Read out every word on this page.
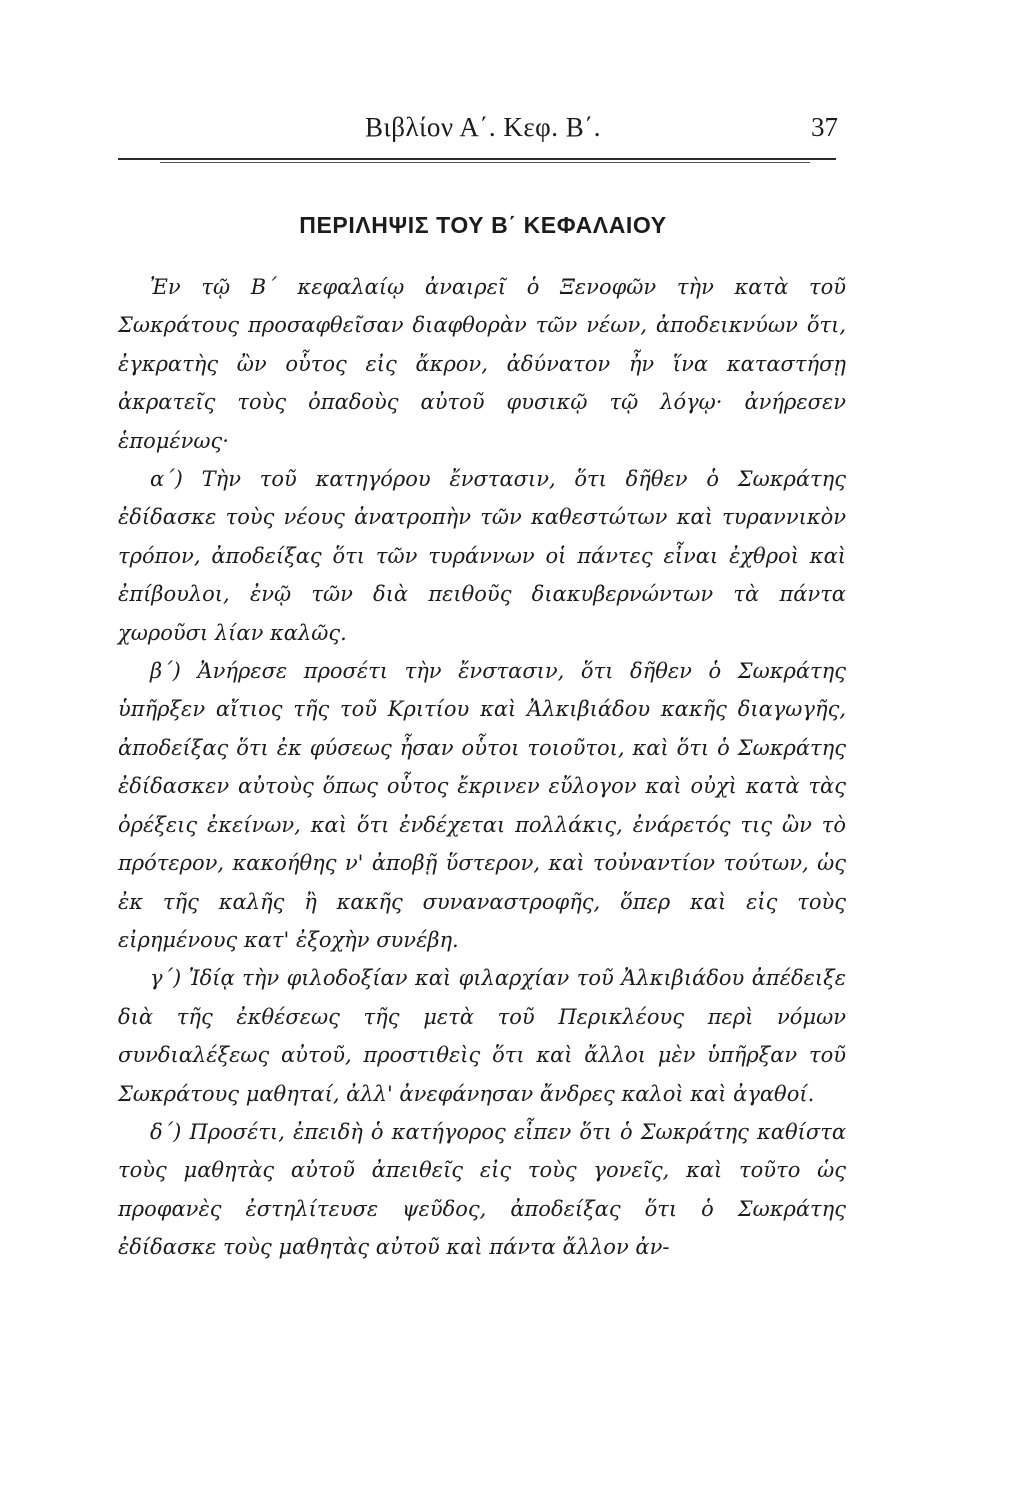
Βιβλίον Α΄. Κεφ. Β΄.	37
ΠΕΡΙΛΗΨΙΣ ΤΟΥ Β΄ ΚΕΦΑΛΑΙΟΥ

Ἐν τῷ Β΄ κεφαλαίῳ ἀναιρεῖ ὁ Ξενοφῶν τὴν κατὰ τοῦ Σωκράτους προσαφθεῖσαν διαφθορὰν τῶν νέων, ἀποδεικνύων ὅτι, ἐγκρατὴς ὢν οὗτος εἰς ἄκρον, ἀδύνατον ἦν ἵνα καταστήσῃ ἀκρατεῖς τοὺς ὀπαδοὺς αὐτοῦ φυσικῷ τῷ λόγῳ· ἀνήρεσεν ἑπομένως·

α΄) Τὴν τοῦ κατηγόρου ἔνστασιν, ὅτι δῆθεν ὁ Σωκράτης ἐδίδασκε τοὺς νέους ἀνατροπὴν τῶν καθεστώτων καὶ τυραννικὸν τρόπον, ἀποδείξας ὅτι τῶν τυράννων οἱ πάντες εἶναι ἐχθροὶ καὶ ἐπίβουλοι, ἐνῷ τῶν διὰ πειθοῦς διακυβερνώντων τὰ πάντα χωροῦσι λίαν καλῶς.

β΄) Ἀνήρεσε προσέτι τὴν ἔνστασιν, ὅτι δῆθεν ὁ Σωκράτης ὑπῆρξεν αἴτιος τῆς τοῦ Κριτίου καὶ Ἀλκιβιάδου κακῆς διαγωγῆς, ἀποδείξας ὅτι ἐκ φύσεως ἦσαν οὗτοι τοιοῦτοι, καὶ ὅτι ὁ Σωκράτης ἐδίδασκεν αὐτοὺς ὅπως οὗτος ἔκρινεν εὔλογον καὶ οὐχὶ κατὰ τὰς ὀρέξεις ἐκείνων, καὶ ὅτι ἐνδέχεται πολλάκις, ἐνάρετός τις ὢν τὸ πρότερον, κακοήθης ν' ἀποβῇ ὕστερον, καὶ τοὐναντίον τούτων, ὡς ἐκ τῆς καλῆς ἢ κακῆς συναναστροφῆς, ὅπερ καὶ εἰς τοὺς εἰρημένους κατ' ἐξοχὴν συνέβη.

γ΄) Ἰδίᾳ τὴν φιλοδοξίαν καὶ φιλαρχίαν τοῦ Ἀλκιβιάδου ἀπέδειξε διὰ τῆς ἐκθέσεως τῆς μετὰ τοῦ Περικλέους περὶ νόμων συνδιαλέξεως αὐτοῦ, προστιθεὶς ὅτι καὶ ἄλλοι μὲν ὑπῆρξαν τοῦ Σωκράτους μαθηταί, ἀλλ' ἀνεφάνησαν ἄνδρες καλοὶ καὶ ἀγαθοί.

δ΄) Προσέτι, ἐπειδὴ ὁ κατήγορος εἶπεν ὅτι ὁ Σωκράτης καθίστα τοὺς μαθητὰς αὐτοῦ ἀπειθεῖς εἰς τοὺς γονεῖς, καὶ τοῦτο ὡς προφανὲς ἐστηλίτευσε ψεῦδος, ἀποδείξας ὅτι ὁ Σωκράτης ἐδίδασκε τοὺς μαθητὰς αὐτοῦ καὶ πάντα ἄλλον ἀν-
